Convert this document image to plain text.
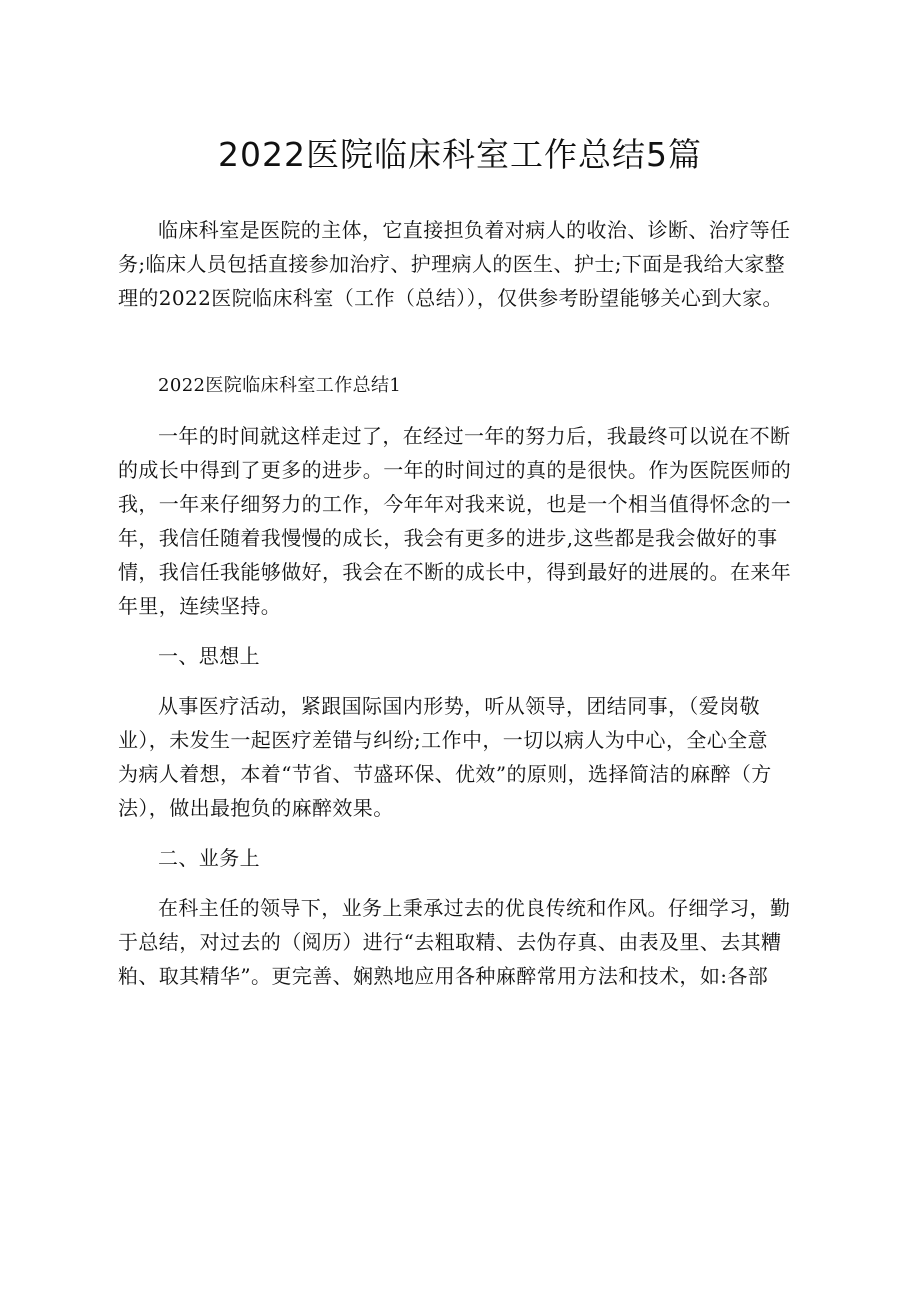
2022医院临床科室工作总结5篇
临床科室是医院的主体，它直接担负着对病人的收治、诊断、治疗等任
务;临床人员包括直接参加治疗、护理病人的医生、护士;下面是我给大家整
理的2022医院临床科室（工作（总结）），仅供参考盼望能够关心到大家。
2022医院临床科室工作总结1
一年的时间就这样走过了，在经过一年的努力后，我最终可以说在不断
的成长中得到了更多的进步。一年的时间过的真的是很快。作为医院医师的
我，一年来仔细努力的工作，今年年对我来说，也是一个相当值得怀念的一
年，我信任随着我慢慢的成长，我会有更多的进步,这些都是我会做好的事
情，我信任我能够做好，我会在不断的成长中，得到最好的进展的。在来年
年里，连续坚持。
一、思想上
从事医疗活动，紧跟国际国内形势，听从领导，团结同事，（爱岗敬
业），未发生一起医疗差错与纠纷;工作中，一切以病人为中心，全心全意
为病人着想，本着“节省、节盛环保、优效”的原则，选择简洁的麻醉（方
法），做出最抱负的麻醉效果。
二、业务上
在科主任的领导下，业务上秉承过去的优良传统和作风。仔细学习，勤
于总结，对过去的（阅历）进行“去粗取精、去伪存真、由表及里、去其糟
粕、取其精华”。更完善、娴熟地应用各种麻醉常用方法和技术，如:各部
